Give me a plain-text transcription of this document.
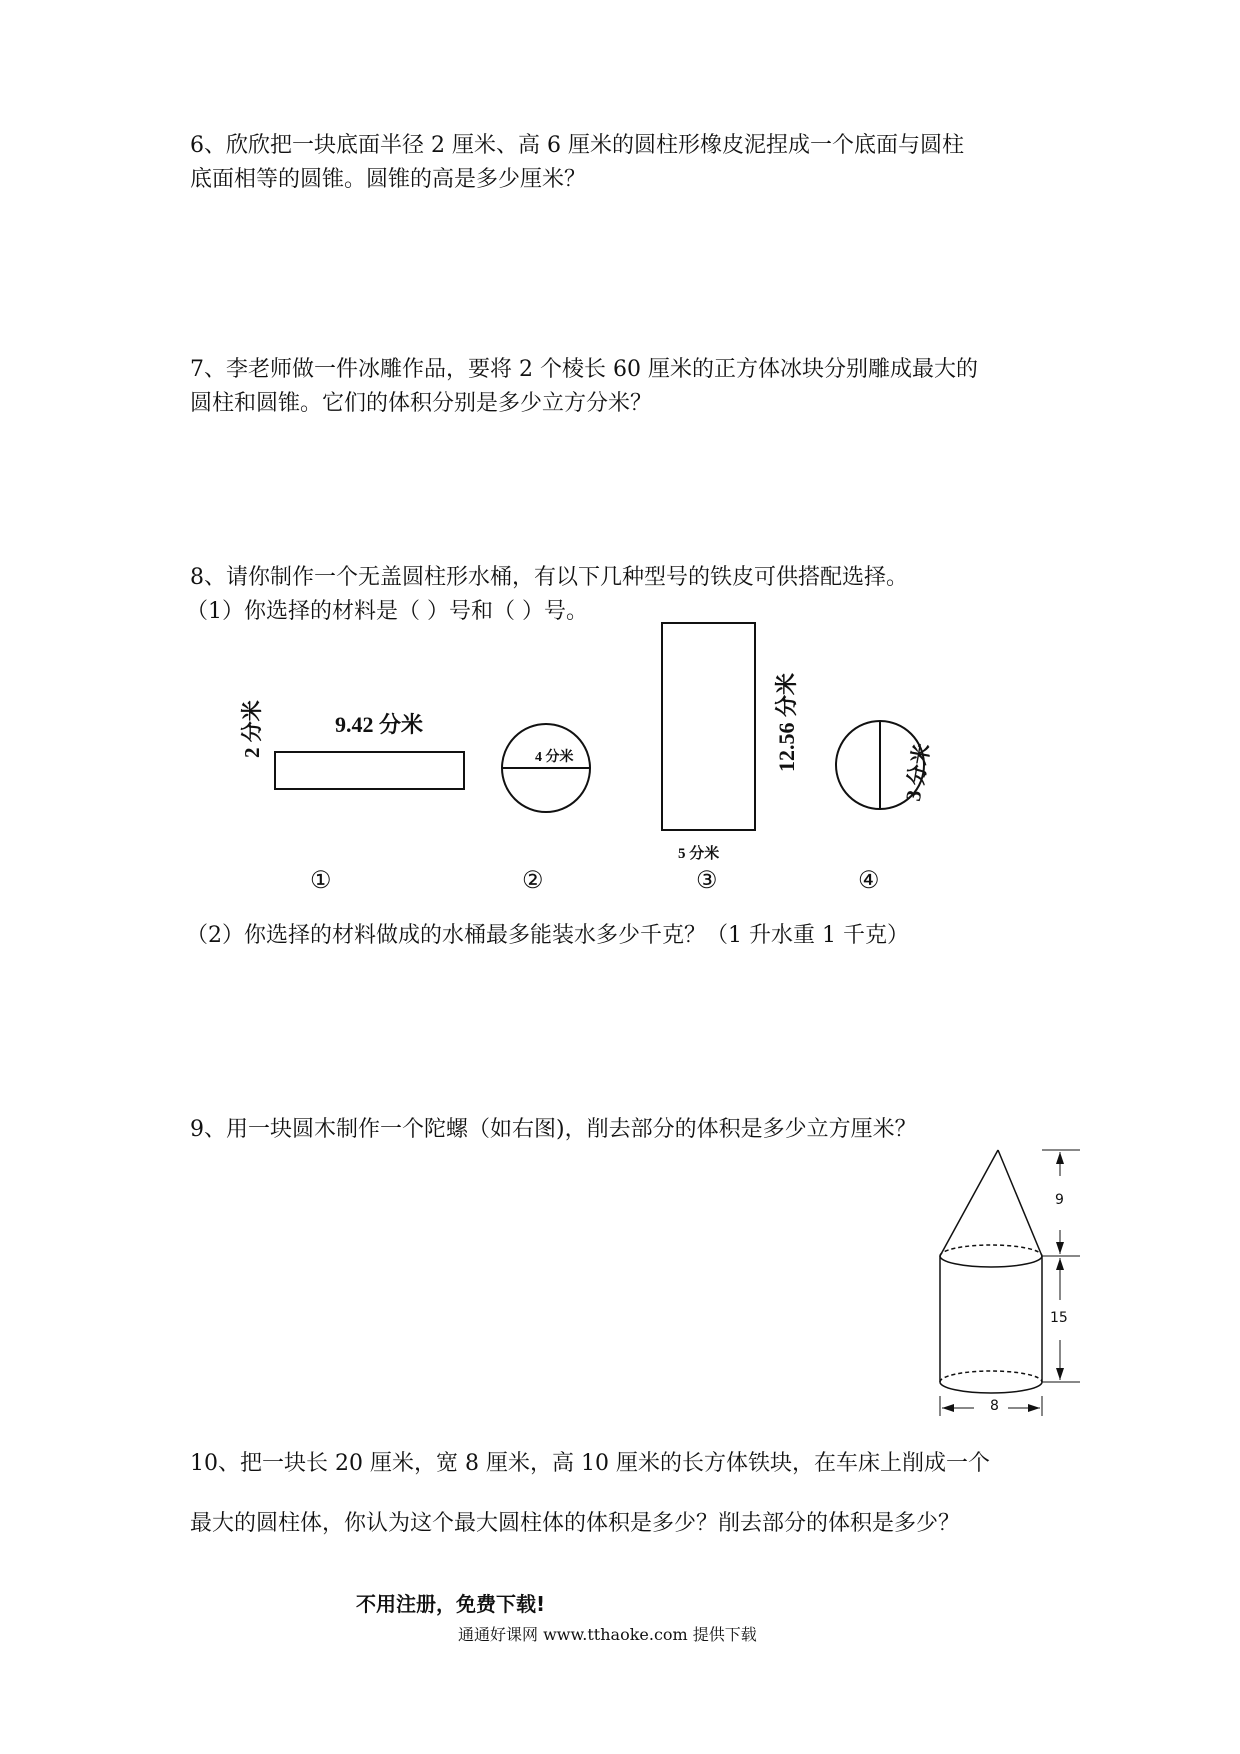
6、欣欣把一块底面半径 2 厘米、高 6 厘米的圆柱形橡皮泥捏成一个底面与圆柱

底面相等的圆锥。圆锥的高是多少厘米？

7、李老师做一件冰雕作品，要将 2 个棱长 60 厘米的正方体冰块分别雕成最大的

圆柱和圆锥。它们的体积分别是多少立方分米？

8、请你制作一个无盖圆柱形水桶，有以下几种型号的铁皮可供搭配选择。

（1）你选择的材料是（ ）号和（ ）号。

9.42 分米
2 分米	4 分米	12.56 分米
5 分米
3 分米
①	②	③	④

（2）你选择的材料做成的水桶最多能装水多少千克？（1 升水重 1 千克）

9、用一块圆木制作一个陀螺（如右图)，削去部分的体积是多少立方厘米？

9
15
8

10、把一块长 20 厘米，宽 8 厘米，高 10 厘米的长方体铁块，在车床上削成一个

最大的圆柱体，你认为这个最大圆柱体的体积是多少？削去部分的体积是多少？

不用注册，免费下载!
通通好课网 www.tthaoke.com 提供下载
